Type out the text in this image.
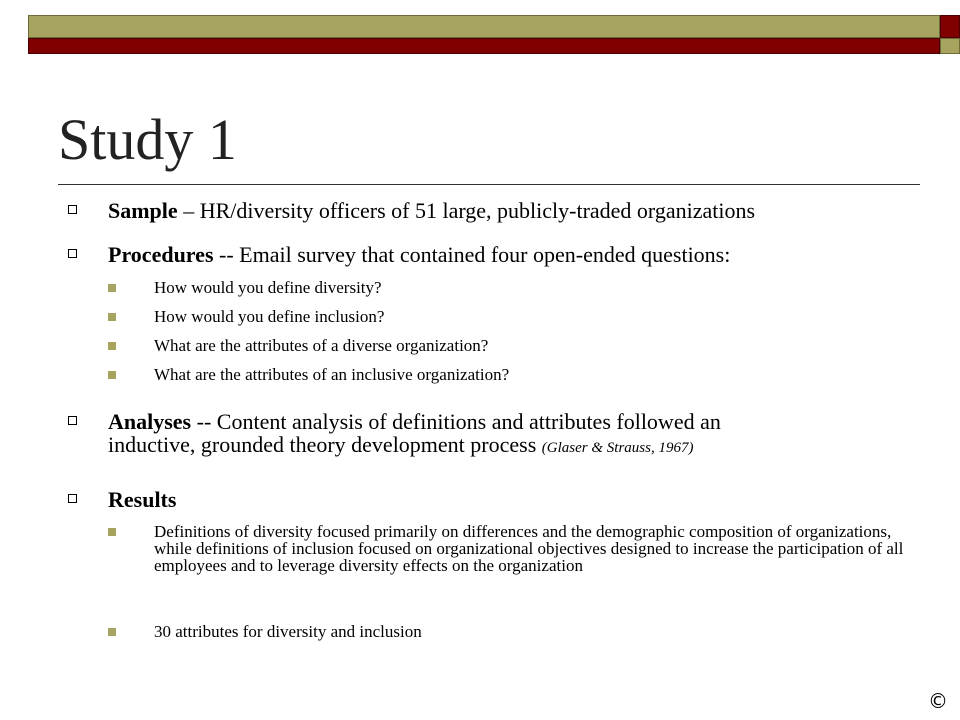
Study 1
Sample – HR/diversity officers of 51 large, publicly-traded organizations
Procedures -- Email survey that contained four open-ended questions:
How would you define diversity?
How would you define inclusion?
What are the attributes of a diverse organization?
What are the attributes of an inclusive organization?
Analyses -- Content analysis of definitions and attributes followed an
inductive, grounded theory development process (Glaser & Strauss, 1967)
Results
Definitions of diversity focused primarily on differences and the demographic composition of organizations, while definitions of inclusion focused on organizational objectives designed to increase the participation of all employees and to leverage diversity effects on the organization
30 attributes for diversity and inclusion
©
